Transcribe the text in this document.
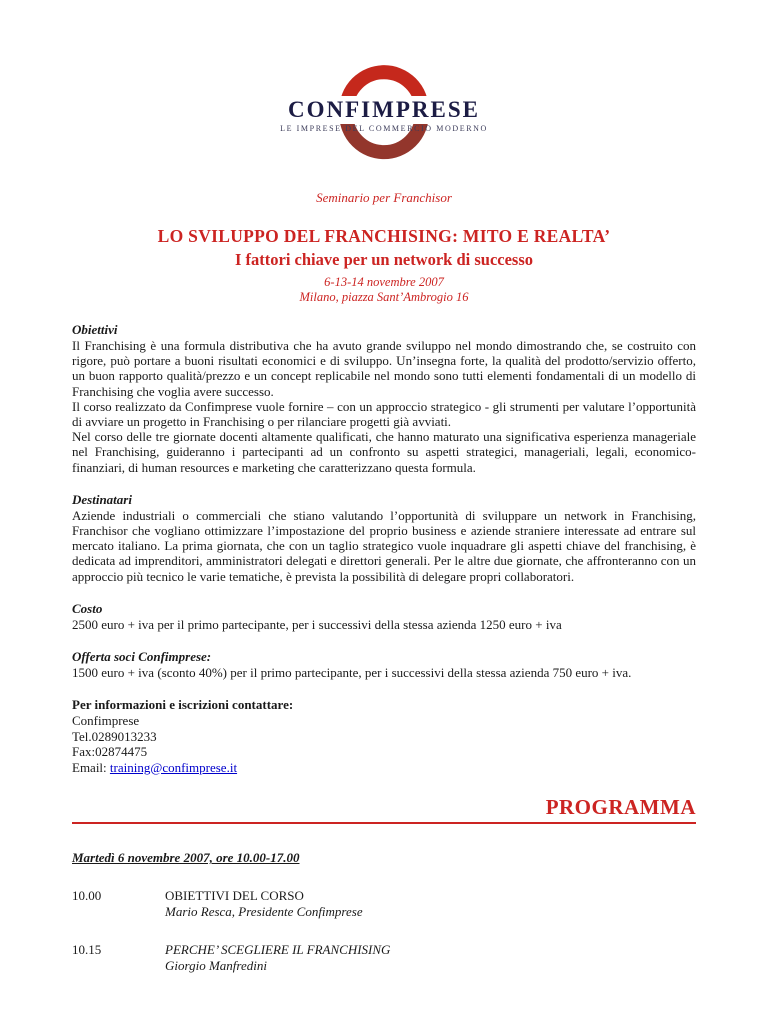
CONFIMPRESE
LE IMPRESE DEL COMMERCIO MODERNO

Seminario per Franchisor

LO SVILUPPO DEL FRANCHISING: MITO E REALTA’
I fattori chiave per un network di successo

6-13-14 novembre 2007

Milano, piazza Sant’Ambrogio 16

Obiettivi

Il Franchising è una formula distributiva che ha avuto grande sviluppo nel mondo dimostrando che, se costruito con rigore, può portare a buoni risultati economici e di sviluppo. Un’insegna forte, la qualità del prodotto/servizio offerto, un buon rapporto qualità/prezzo e un concept replicabile nel mondo sono tutti elementi fondamentali di un modello di Franchising che voglia avere successo.

Il corso realizzato da Confimprese vuole fornire – con un approccio strategico - gli strumenti per valutare l’opportunità di avviare un progetto in Franchising o per rilanciare progetti già avviati.

Nel corso delle tre giornate docenti altamente qualificati, che hanno maturato una significativa esperienza manageriale nel Franchising, guideranno i partecipanti ad un confronto su aspetti strategici, manageriali, legali, economico-finanziari, di human resources e marketing che caratterizzano questa formula.

Destinatari

Aziende industriali o commerciali che stiano valutando l’opportunità di sviluppare un network in Franchising, Franchisor che vogliano ottimizzare l’impostazione del proprio business e aziende straniere interessate ad entrare sul mercato italiano. La prima giornata, che con un taglio strategico vuole inquadrare gli aspetti chiave del franchising, è dedicata ad imprenditori, amministratori delegati e direttori generali. Per le altre due giornate, che affronteranno con un approccio più tecnico le varie tematiche, è prevista la possibilità di delegare propri collaboratori.

Costo

2500 euro + iva per il primo partecipante, per i successivi della stessa azienda 1250 euro + iva

Offerta soci Confimprese:

1500 euro + iva (sconto 40%) per il primo partecipante, per i successivi della stessa azienda 750 euro + iva.

Per informazioni e iscrizioni contattare:

Confimprese

Tel.0289013233

Fax:02874475

Email: training@confimprese.it

PROGRAMMA
Martedì 6 novembre 2007, ore 10.00-17.00
10.00	OBIETTIVI DEL CORSO

Mario Resca, Presidente Confimprese

10.15	PERCHE’ SCEGLIERE IL FRANCHISING

Giorgio Manfredini
